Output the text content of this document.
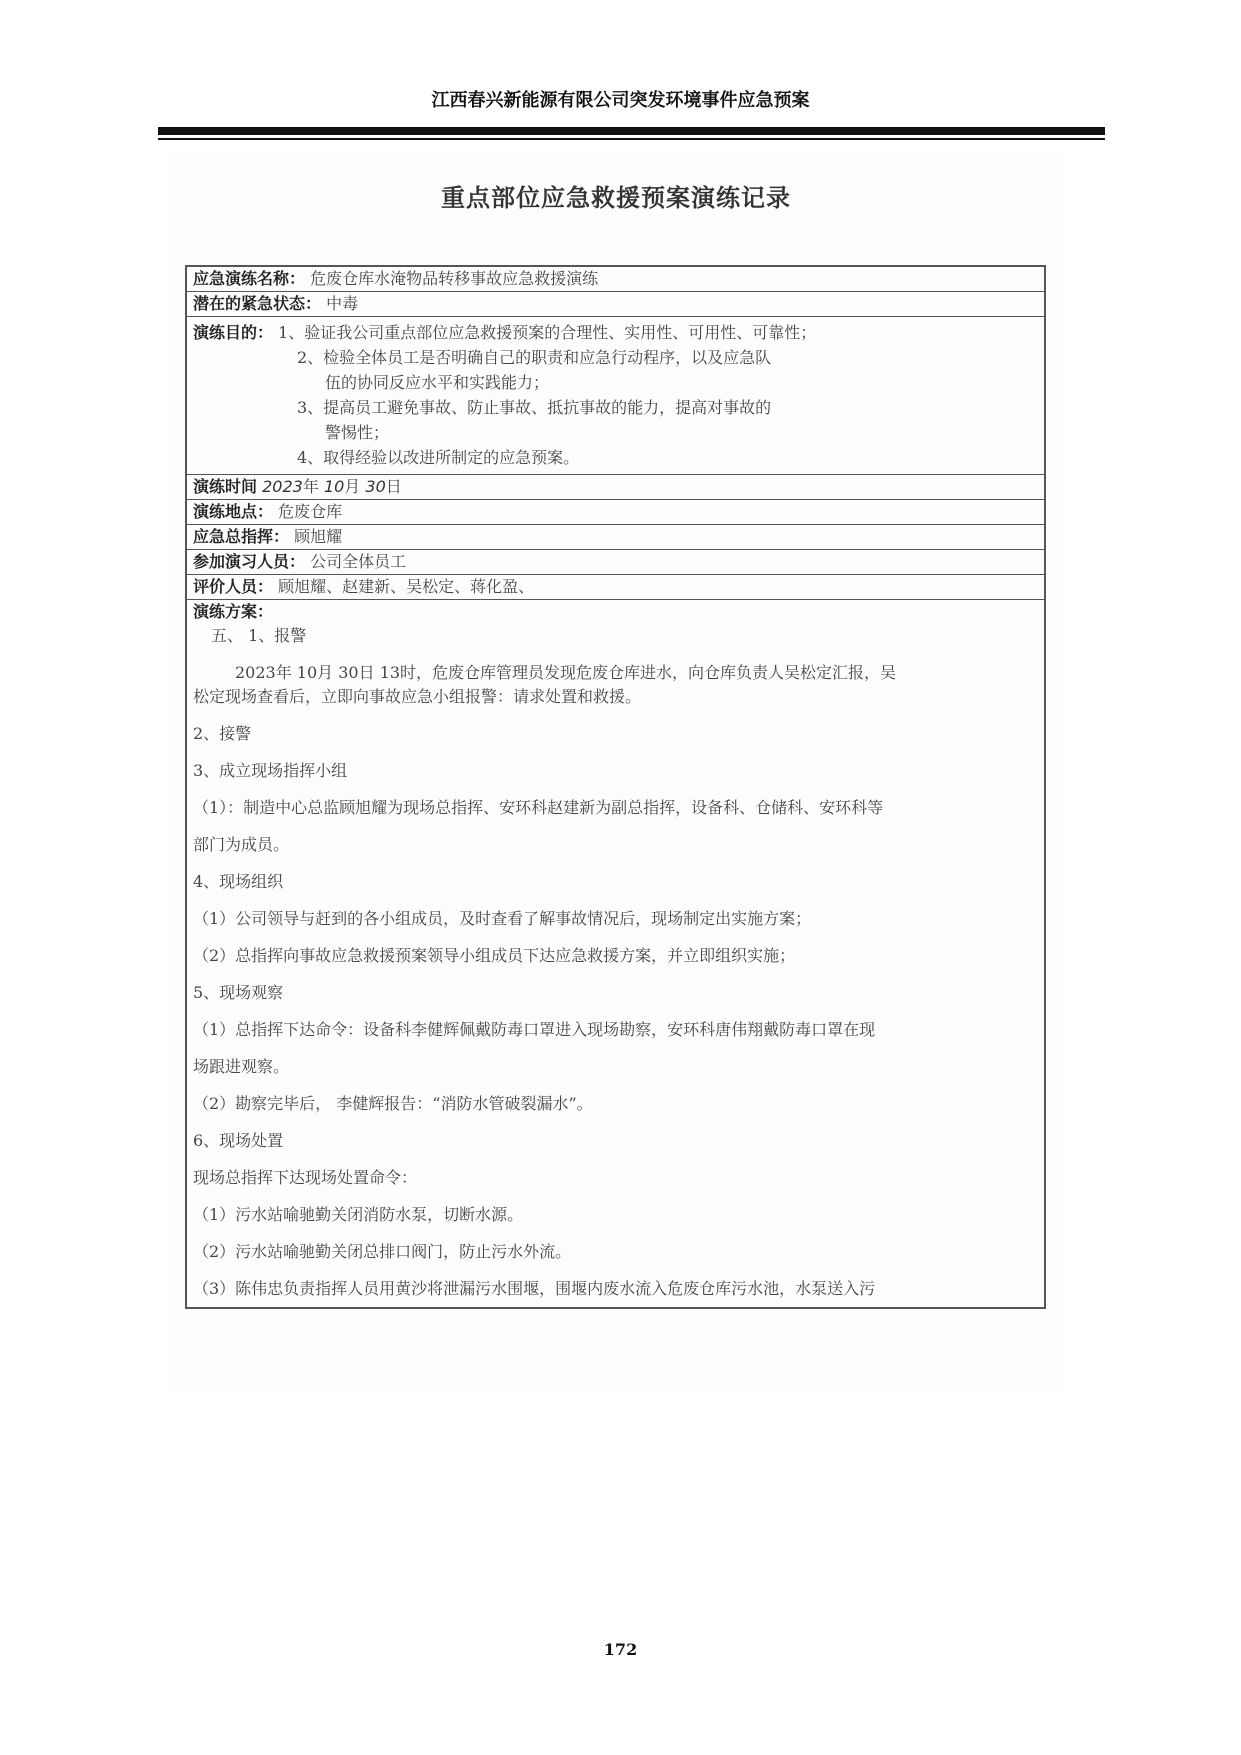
江西春兴新能源有限公司突发环境事件应急预案
重点部位应急救援预案演练记录
应急演练名称： 危废仓库水淹物品转移事故应急救援演练
潜在的紧急状态： 中毒
演练目的： 1、验证我公司重点部位应急救援预案的合理性、实用性、可用性、可靠性；
2、检验全体员工是否明确自己的职责和应急行动程序，以及应急队
伍的协同反应水平和实践能力；
3、提高员工避免事故、防止事故、抵抗事故的能力，提高对事故的
警惕性；
4、取得经验以改进所制定的应急预案。
演练时间 2023年 10月 30日
演练地点： 危废仓库
应急总指挥： 顾旭耀
参加演习人员： 公司全体员工
评价人员： 顾旭耀、赵建新、吴松定、蒋化盈、

演练方案：

五、 1、报警

2023年 10月 30日 13时，危废仓库管理员发现危废仓库进水，向仓库负责人吴松定汇报，吴

松定现场查看后，立即向事故应急小组报警：请求处置和救援。

2、接警

3、成立现场指挥小组

（1）：制造中心总监顾旭耀为现场总指挥、安环科赵建新为副总指挥，设备科、仓储科、安环科等

部门为成员。

4、现场组织

（1）公司领导与赶到的各小组成员，及时查看了解事故情况后，现场制定出实施方案；

（2）总指挥向事故应急救援预案领导小组成员下达应急救援方案，并立即组织实施；

5、现场观察

（1）总指挥下达命令：设备科李健辉佩戴防毒口罩进入现场勘察，安环科唐伟翔戴防毒口罩在现

场跟进观察。

（2）勘察完毕后， 李健辉报告：“消防水管破裂漏水”。

6、现场处置

现场总指挥下达现场处置命令：

（1）污水站喻驰勤关闭消防水泵，切断水源。

（2）污水站喻驰勤关闭总排口阀门，防止污水外流。

（3）陈伟忠负责指挥人员用黄沙将泄漏污水围堰，围堰内废水流入危废仓库污水池，水泵送入污

172
